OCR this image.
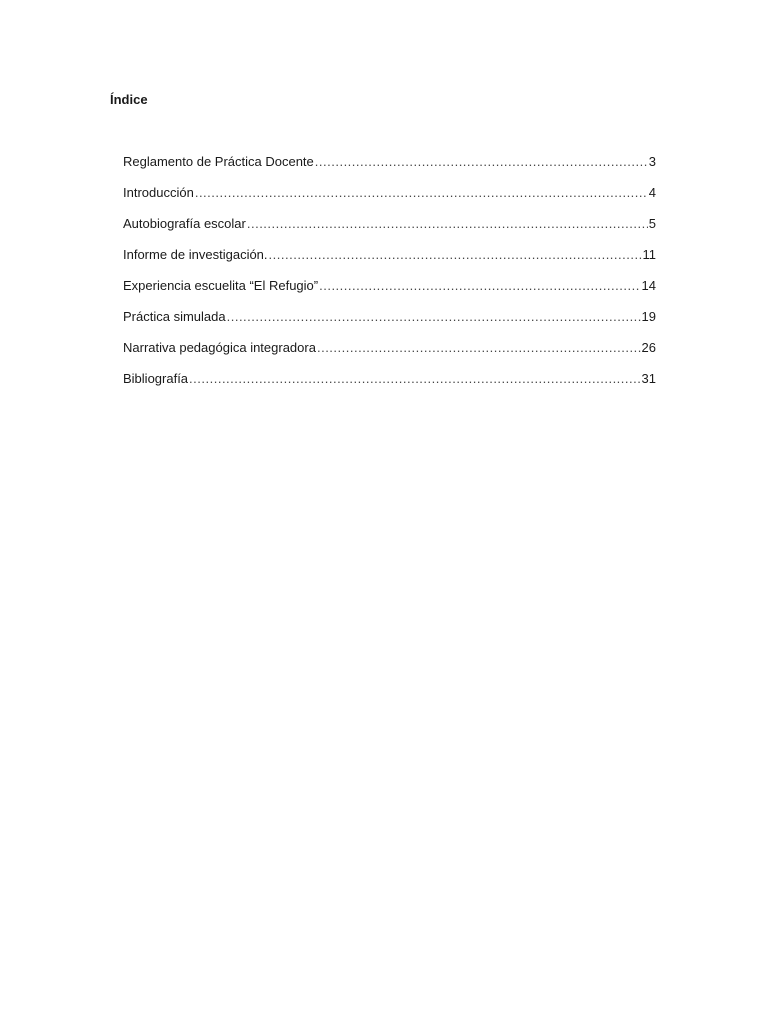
Índice
Reglamento de Práctica Docente .....	3
Introducción .....	4
Autobiografía escolar .....	5
Informe de investigación. .....	11
Experiencia escuelita “El Refugio” .....	14
Práctica simulada .....	19
Narrativa pedagógica integradora .....	26
Bibliografía .....	31
